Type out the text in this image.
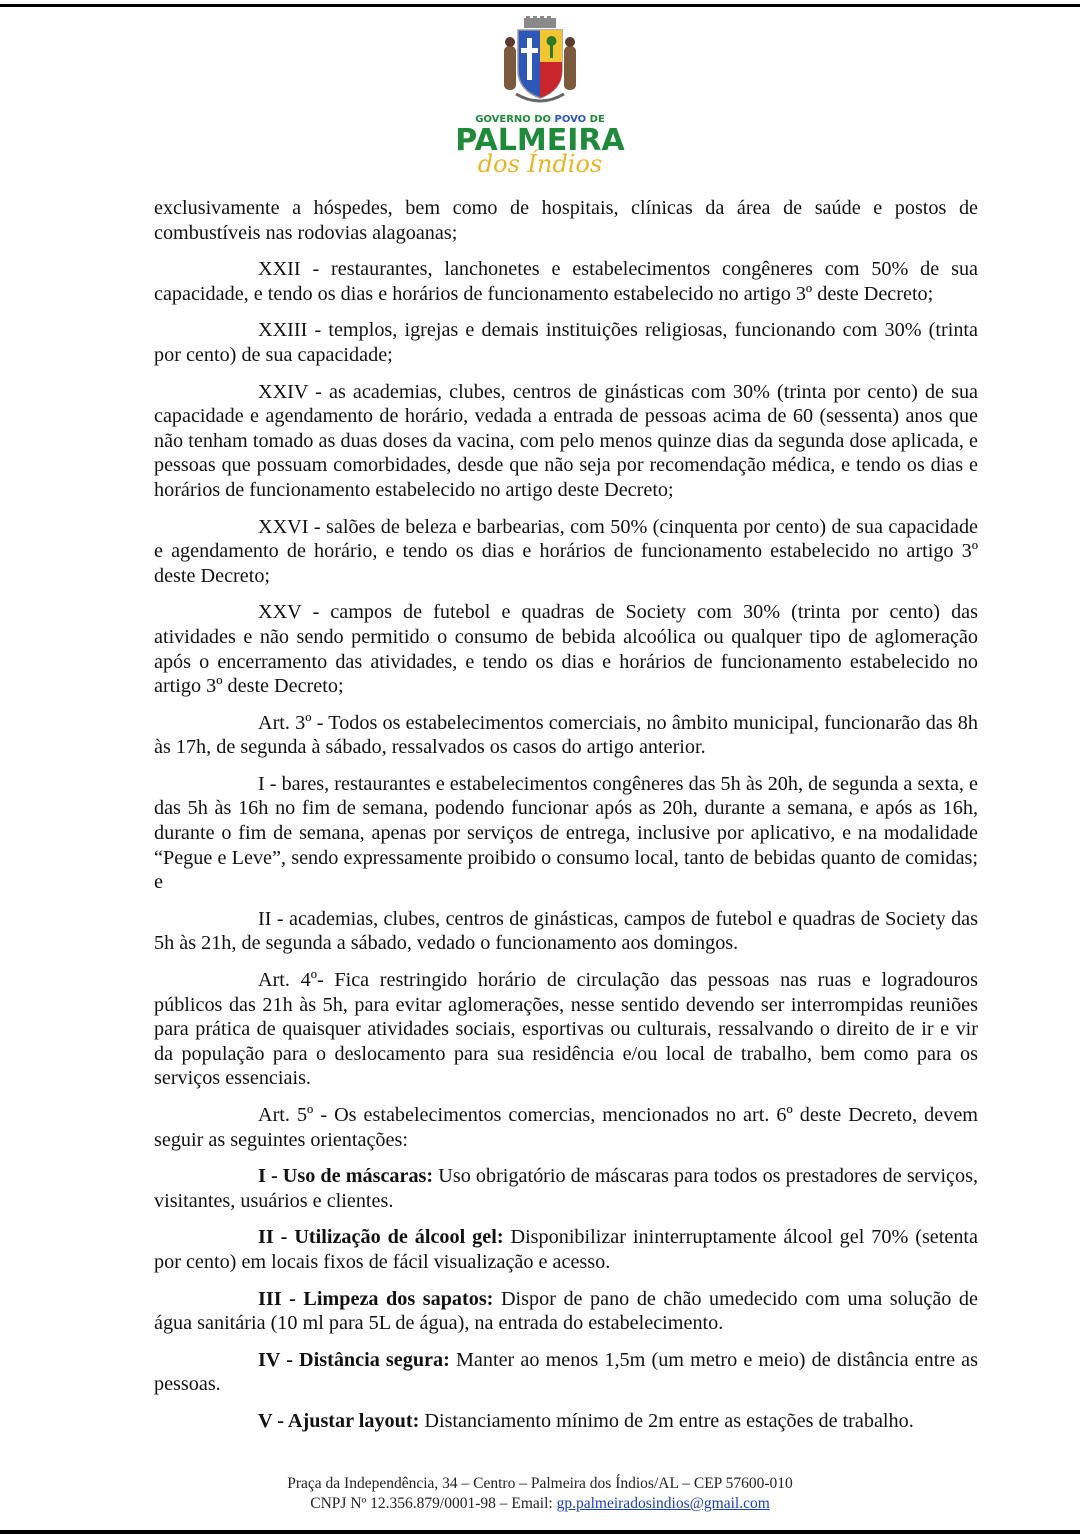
GOVERNO DO POVO DE
PALMEIRA
dos Índios

exclusivamente a hóspedes, bem como de hospitais, clínicas da área de saúde e postos de combustíveis nas rodovias alagoanas;

XXII - restaurantes, lanchonetes e estabelecimentos congêneres com 50% de sua capacidade, e tendo os dias e horários de funcionamento estabelecido no artigo 3º deste Decreto;

XXIII - templos, igrejas e demais instituições religiosas, funcionando com 30% (trinta por cento) de sua capacidade;

XXIV - as academias, clubes, centros de ginásticas com 30% (trinta por cento) de sua capacidade e agendamento de horário, vedada a entrada de pessoas acima de 60 (sessenta) anos que não tenham tomado as duas doses da vacina, com pelo menos quinze dias da segunda dose aplicada, e pessoas que possuam comorbidades, desde que não seja por recomendação médica, e tendo os dias e horários de funcionamento estabelecido no artigo deste Decreto;

XXVI - salões de beleza e barbearias, com 50% (cinquenta por cento) de sua capacidade e agendamento de horário, e tendo os dias e horários de funcionamento estabelecido no artigo 3º deste Decreto;

XXV - campos de futebol e quadras de Society com 30% (trinta por cento) das atividades e não sendo permitido o consumo de bebida alcoólica ou qualquer tipo de aglomeração após o encerramento das atividades, e tendo os dias e horários de funcionamento estabelecido no artigo 3º deste Decreto;

Art. 3º - Todos os estabelecimentos comerciais, no âmbito municipal, funcionarão das 8h às 17h, de segunda à sábado, ressalvados os casos do artigo anterior.

I - bares, restaurantes e estabelecimentos congêneres das 5h às 20h, de segunda a sexta, e das 5h às 16h no fim de semana, podendo funcionar após as 20h, durante a semana, e após as 16h, durante o fim de semana, apenas por serviços de entrega, inclusive por aplicativo, e na modalidade “Pegue e Leve”, sendo expressamente proibido o consumo local, tanto de bebidas quanto de comidas; e

II - academias, clubes, centros de ginásticas, campos de futebol e quadras de Society das 5h às 21h, de segunda a sábado, vedado o funcionamento aos domingos.

Art. 4º- Fica restringido horário de circulação das pessoas nas ruas e logradouros públicos das 21h às 5h, para evitar aglomerações, nesse sentido devendo ser interrompidas reuniões para prática de quaisquer atividades sociais, esportivas ou culturais, ressalvando o direito de ir e vir da população para o deslocamento para sua residência e/ou local de trabalho, bem como para os serviços essenciais.

Art. 5º - Os estabelecimentos comercias, mencionados no art. 6º deste Decreto, devem seguir as seguintes orientações:

I - Uso de máscaras: Uso obrigatório de máscaras para todos os prestadores de serviços, visitantes, usuários e clientes.

II - Utilização de álcool gel: Disponibilizar ininterruptamente álcool gel 70% (setenta por cento) em locais fixos de fácil visualização e acesso.

III - Limpeza dos sapatos: Dispor de pano de chão umedecido com uma solução de água sanitária (10 ml para 5L de água), na entrada do estabelecimento.

IV - Distância segura: Manter ao menos 1,5m (um metro e meio) de distância entre as pessoas.

V - Ajustar layout: Distanciamento mínimo de 2m entre as estações de trabalho.

Praça da Independência, 34 – Centro – Palmeira dos Índios/AL – CEP 57600-010
CNPJ Nº 12.356.879/0001-98 – Email: gp.palmeiradosindios@gmail.com
